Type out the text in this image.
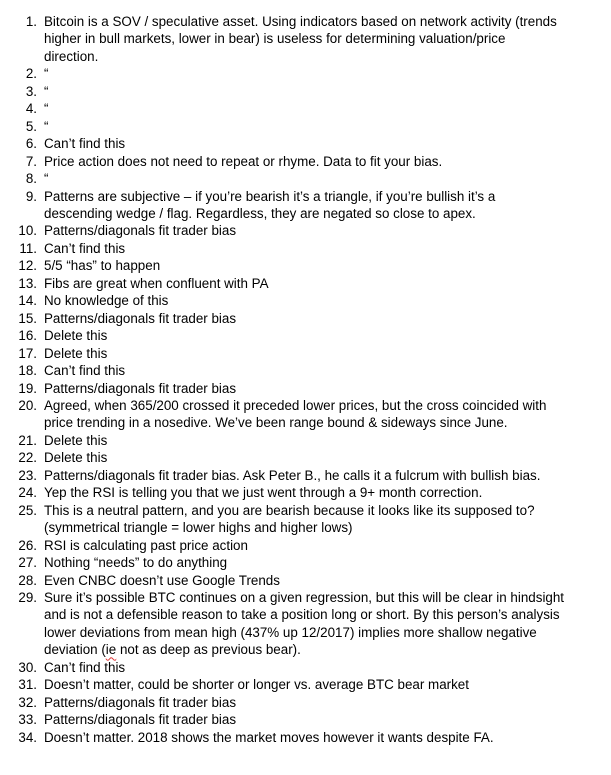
1. Bitcoin is a SOV / speculative asset. Using indicators based on network activity (trends
higher in bull markets, lower in bear) is useless for determining valuation/price
direction.
2. “
3. “
4. “
5. “
6. Can’t find this
7. Price action does not need to repeat or rhyme. Data to fit your bias.
8. “
9. Patterns are subjective – if you’re bearish it’s a triangle, if you’re bullish it’s a
descending wedge / flag. Regardless, they are negated so close to apex.
10. Patterns/diagonals fit trader bias
11. Can’t find this
12. 5/5 “has” to happen
13. Fibs are great when confluent with PA
14. No knowledge of this
15. Patterns/diagonals fit trader bias
16. Delete this
17. Delete this
18. Can’t find this
19. Patterns/diagonals fit trader bias
20. Agreed, when 365/200 crossed it preceded lower prices, but the cross coincided with
price trending in a nosedive. We’ve been range bound & sideways since June.
21. Delete this
22. Delete this
23. Patterns/diagonals fit trader bias. Ask Peter B., he calls it a fulcrum with bullish bias.
24. Yep the RSI is telling you that we just went through a 9+ month correction.
25. This is a neutral pattern, and you are bearish because it looks like its supposed to?
(symmetrical triangle = lower highs and higher lows)
26. RSI is calculating past price action
27. Nothing “needs” to do anything
28. Even CNBC doesn’t use Google Trends
29. Sure it’s possible BTC continues on a given regression, but this will be clear in hindsight
and is not a defensible reason to take a position long or short. By this person’s analysis
lower deviations from mean high (437% up 12/2017) implies more shallow negative
deviation (ie not as deep as previous bear).
30. Can’t find this
31. Doesn’t matter, could be shorter or longer vs. average BTC bear market
32. Patterns/diagonals fit trader bias
33. Patterns/diagonals fit trader bias
34. Doesn’t matter. 2018 shows the market moves however it wants despite FA.
